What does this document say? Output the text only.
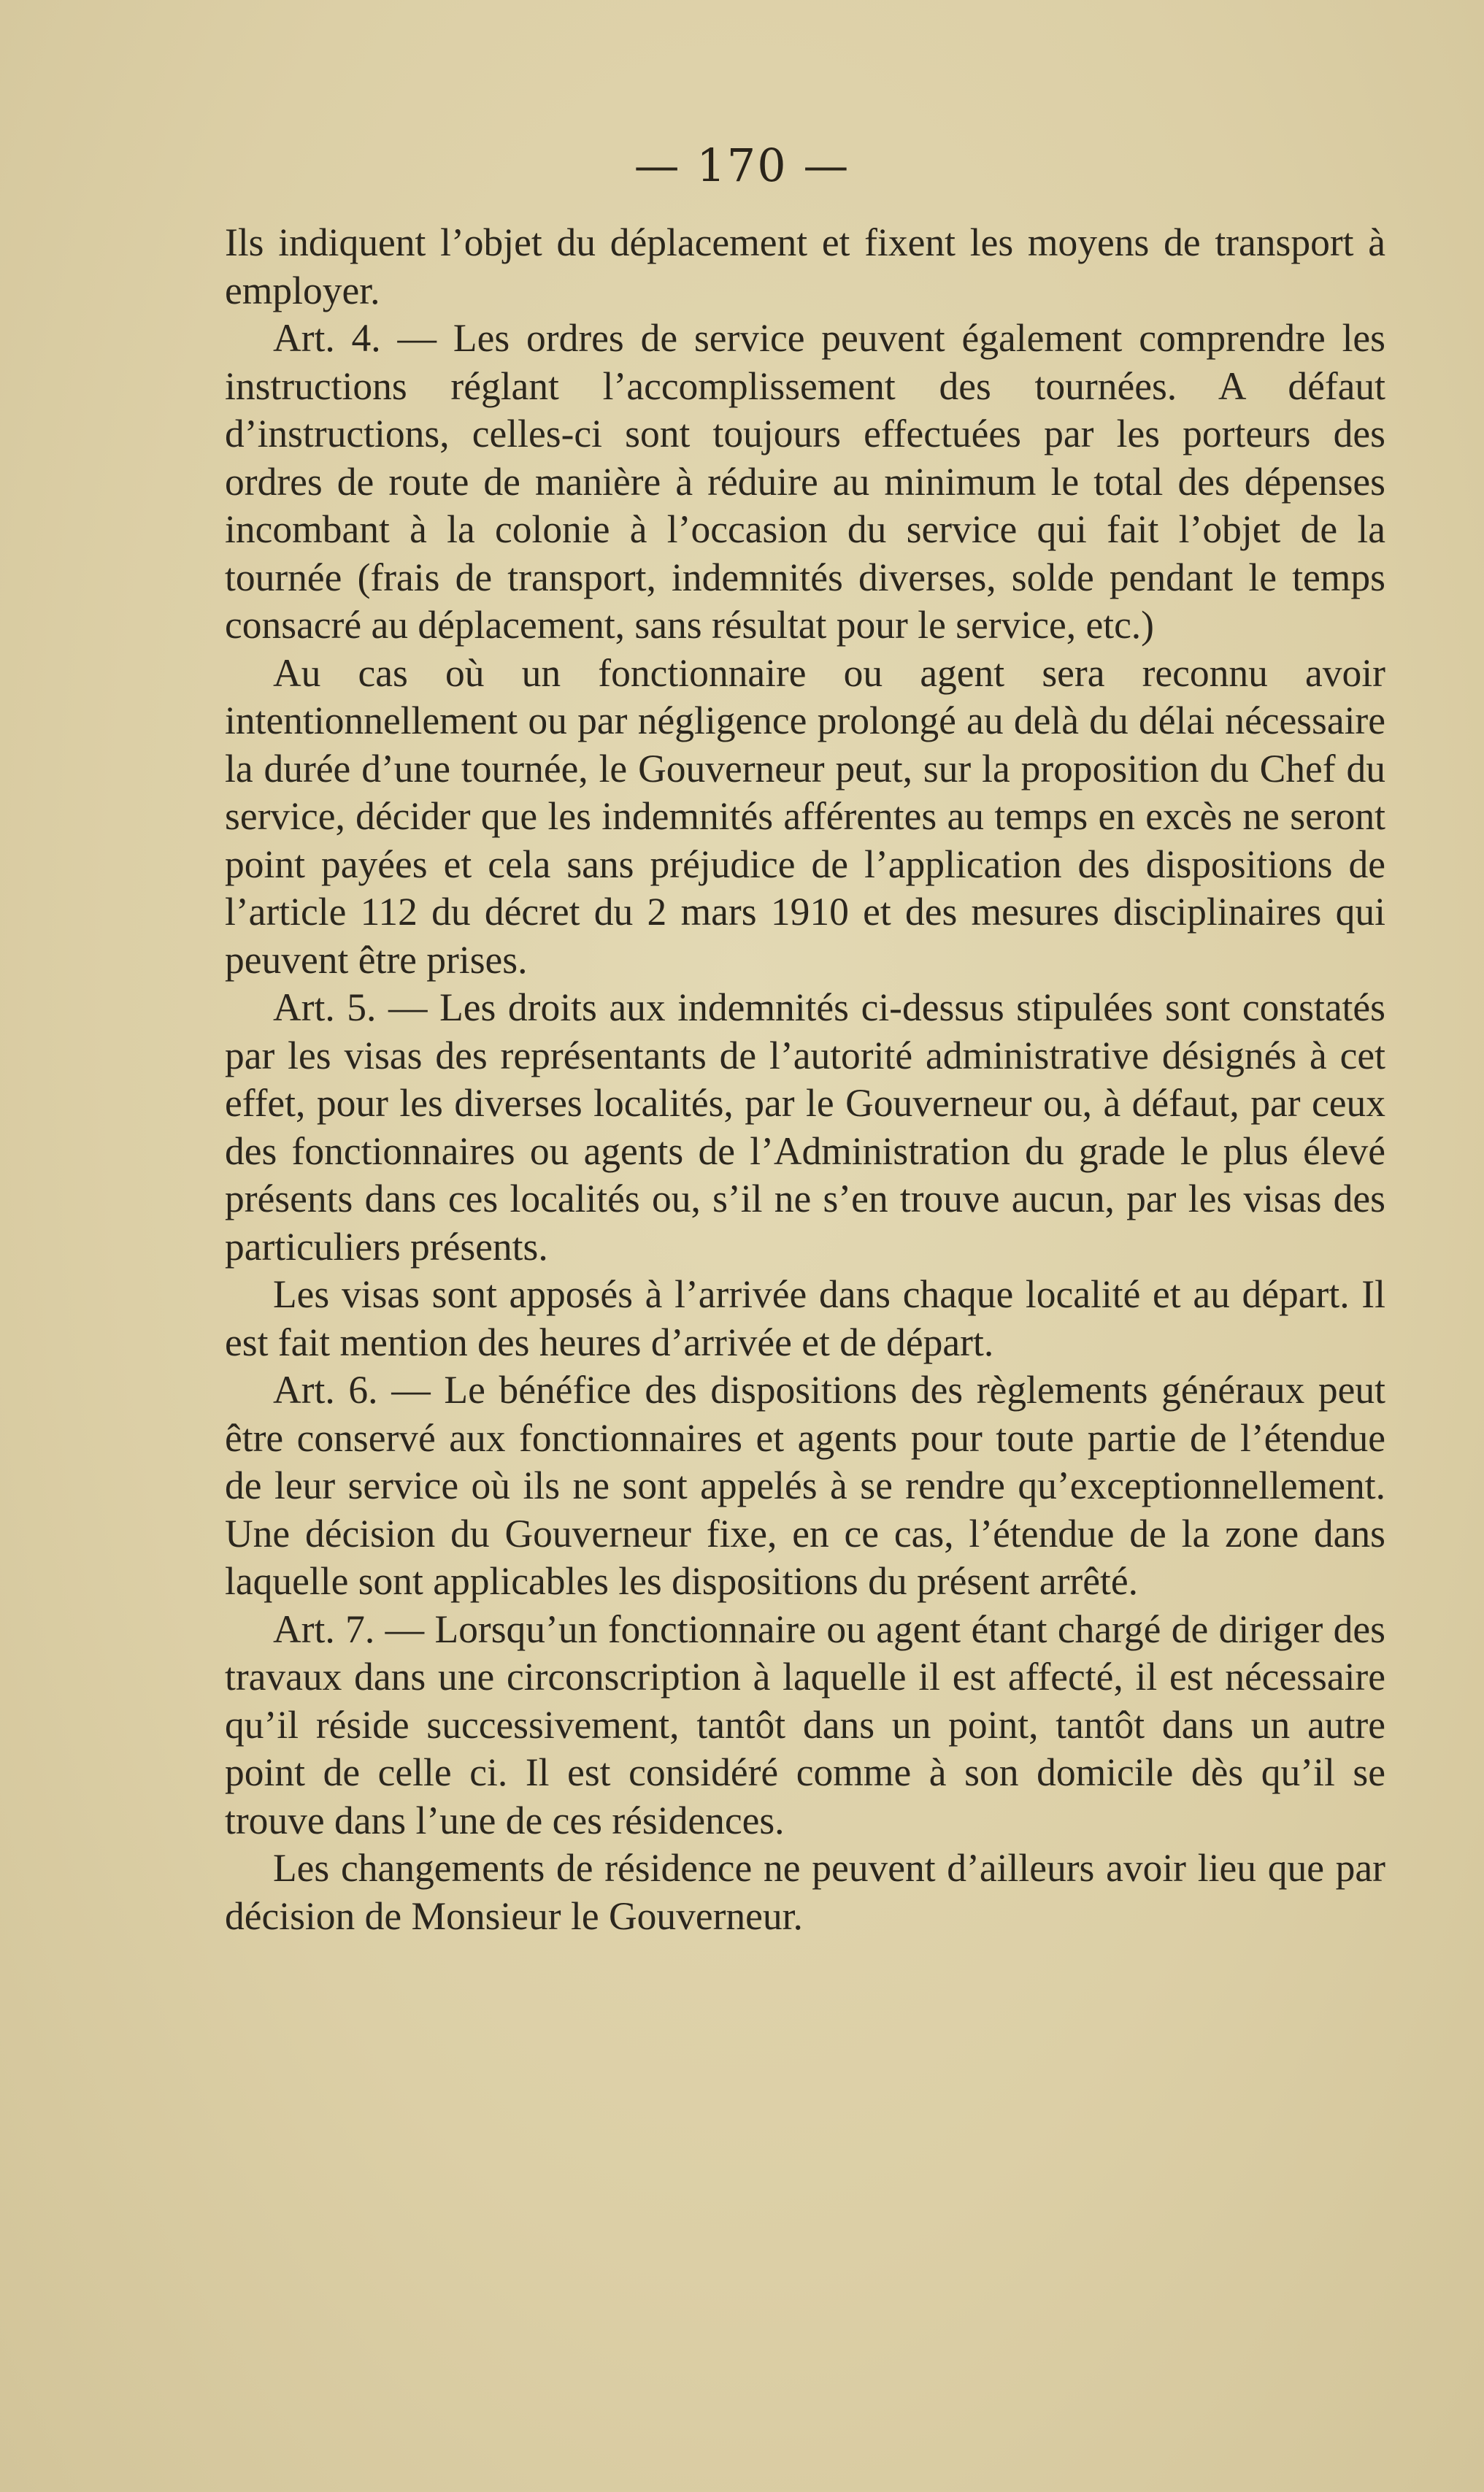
— 170 —

Ils indiquent l’objet du déplacement et fixent les moyens de transport à employer.

Art. 4. — Les ordres de service peuvent également comprendre les instructions réglant l’accomplissement des tournées. A défaut d’instructions, celles-ci sont toujours effectuées par les porteurs des ordres de route de manière à réduire au minimum le total des dépenses incombant à la colonie à l’occasion du service qui fait l’objet de la tournée (frais de transport, indemnités diverses, solde pendant le temps consacré au déplacement, sans résultat pour le service, etc.)

Au cas où un fonctionnaire ou agent sera reconnu avoir intentionnellement ou par négligence prolongé au delà du délai nécessaire la durée d’une tournée, le Gouverneur peut, sur la proposition du Chef du service, décider que les indemnités afférentes au temps en excès ne seront point payées et cela sans préjudice de l’application des dispositions de l’article 112 du décret du 2 mars 1910 et des mesures disciplinaires qui peuvent être prises.

Art. 5. — Les droits aux indemnités ci-dessus stipulées sont constatés par les visas des représentants de l’autorité administrative désignés à cet effet, pour les diverses localités, par le Gouverneur ou, à défaut, par ceux des fonctionnaires ou agents de l’Administration du grade le plus élevé présents dans ces localités ou, s’il ne s’en trouve aucun, par les visas des particuliers présents.

Les visas sont apposés à l’arrivée dans chaque localité et au départ. Il est fait mention des heures d’arrivée et de départ.

Art. 6. — Le bénéfice des dispositions des règlements généraux peut être conservé aux fonctionnaires et agents pour toute partie de l’étendue de leur service où ils ne sont appelés à se rendre qu’exceptionnellement. Une décision du Gouverneur fixe, en ce cas, l’étendue de la zone dans laquelle sont applicables les dispositions du présent arrêté.

Art. 7. — Lorsqu’un fonctionnaire ou agent étant chargé de diriger des travaux dans une circonscription à laquelle il est affecté, il est nécessaire qu’il réside successivement, tantôt dans un point, tantôt dans un autre point de celle ci. Il est considéré comme à son domicile dès qu’il se trouve dans l’une de ces résidences.

Les changements de résidence ne peuvent d’ailleurs avoir lieu que par décision de Monsieur le Gouverneur.
